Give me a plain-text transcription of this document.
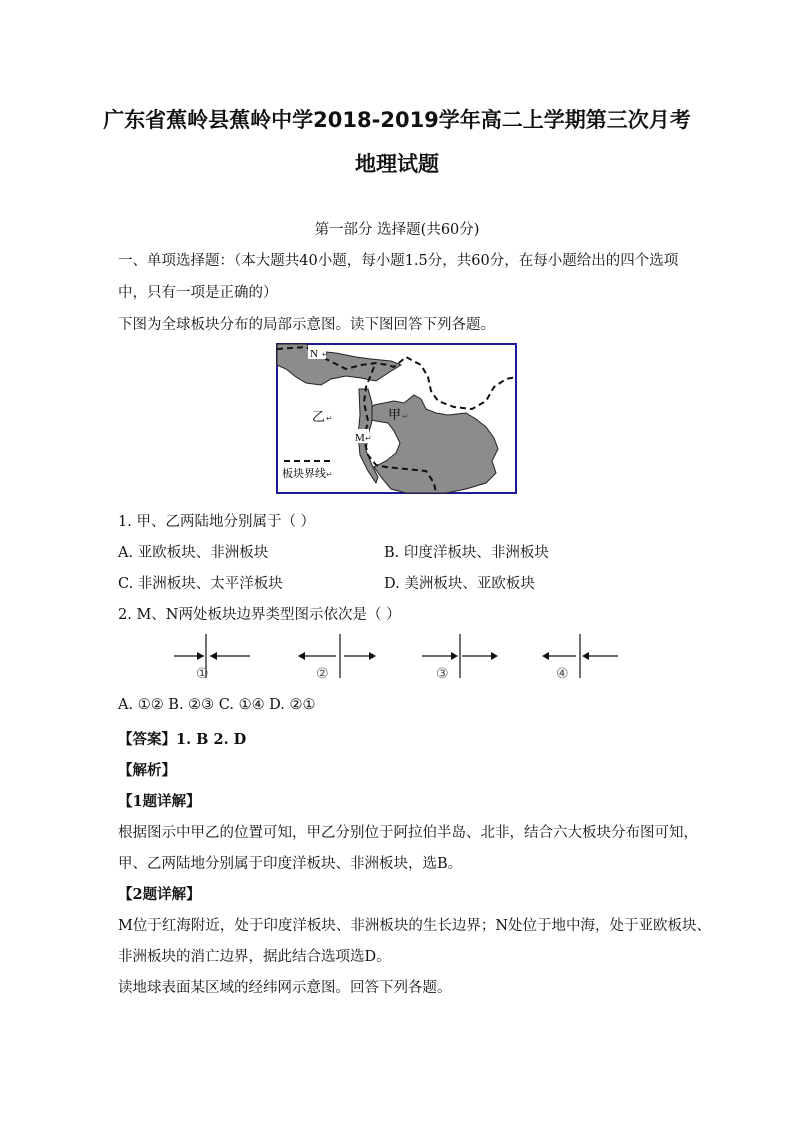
广东省蕉岭县蕉岭中学2018-2019学年高二上学期第三次月考
地理试题
第一部分 选择题(共60分)
一、单项选择题：（本大题共40小题，每小题1.5分，共60分，在每小题给出的四个选项
中，只有一项是正确的）
下图为全球板块分布的局部示意图。读下图回答下列各题。
N ↵
M ↵
乙 ↵	甲 ↵
板块界线 ↵
1. 甲、乙两陆地分别属于（ ）
A. 亚欧板块、非洲板块	B. 印度洋板块、非洲板块
C. 非洲板块、太平洋板块	D. 美洲板块、亚欧板块
2. M、N两处板块边界类型图示依次是（ ）
①	②	③	④
A. ①② B. ②③ C. ①④ D. ②①
【答案】1. B 2. D
【解析】
【1题详解】
根据图示中甲乙的位置可知，甲乙分别位于阿拉伯半岛、北非，结合六大板块分布图可知，
甲、乙两陆地分别属于印度洋板块、非洲板块，选B。
【2题详解】
M位于红海附近，处于印度洋板块、非洲板块的生长边界；N处位于地中海，处于亚欧板块、
非洲板块的消亡边界，据此结合选项选D。
读地球表面某区域的经纬网示意图。回答下列各题。
